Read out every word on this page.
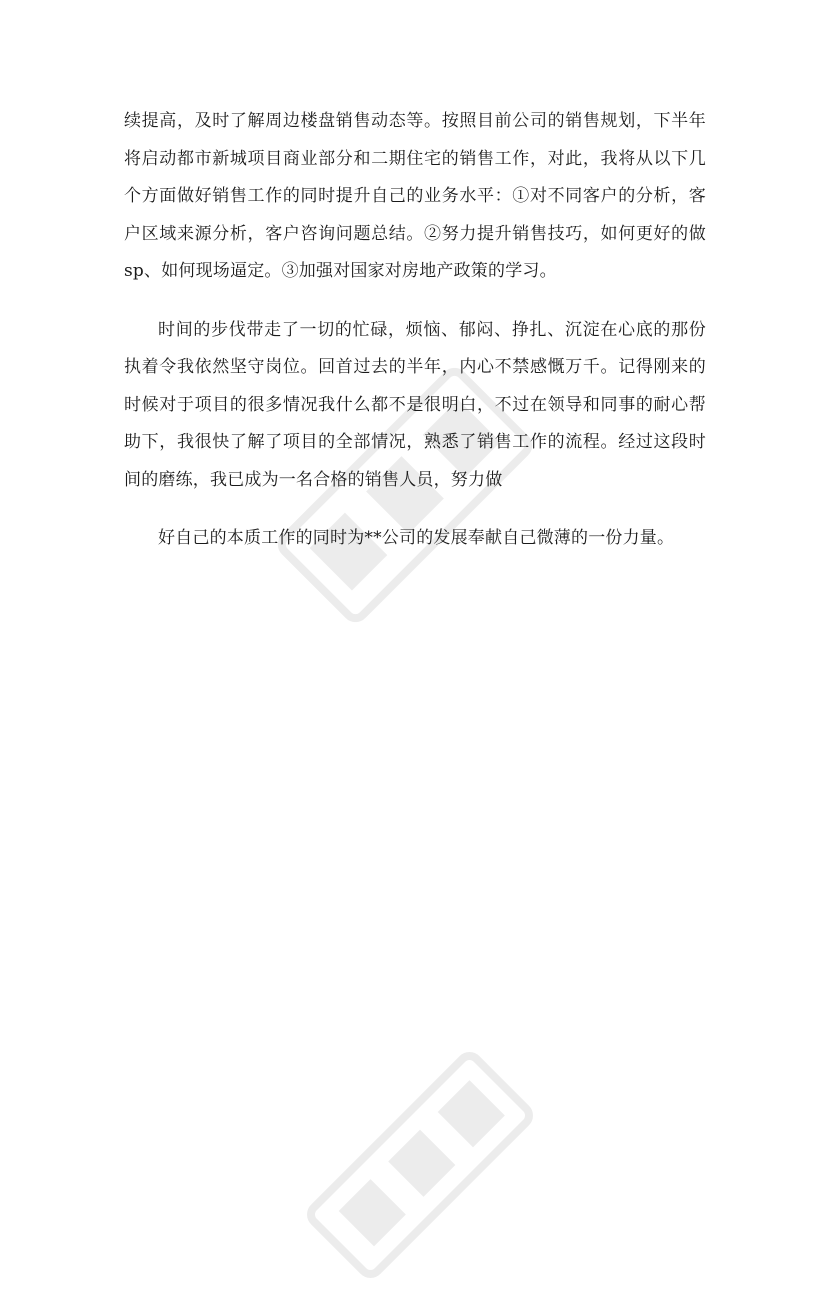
续提高，及时了解周边楼盘销售动态等。按照目前公司的销售规划，下半年将启动都市新城项目商业部分和二期住宅的销售工作，对此，我将从以下几个方面做好销售工作的同时提升自己的业务水平：①对不同客户的分析，客户区域来源分析，客户咨询问题总结。②努力提升销售技巧，如何更好的做sp、如何现场逼定。③加强对国家对房地产政策的学习。

时间的步伐带走了一切的忙碌，烦恼、郁闷、挣扎、沉淀在心底的那份执着令我依然坚守岗位。回首过去的半年，内心不禁感慨万千。记得刚来的时候对于项目的很多情况我什么都不是很明白，不过在领导和同事的耐心帮助下，我很快了解了项目的全部情况，熟悉了销售工作的流程。经过这段时间的磨练，我已成为一名合格的销售人员，努力做

好自己的本质工作的同时为**公司的发展奉献自己微薄的一份力量。
